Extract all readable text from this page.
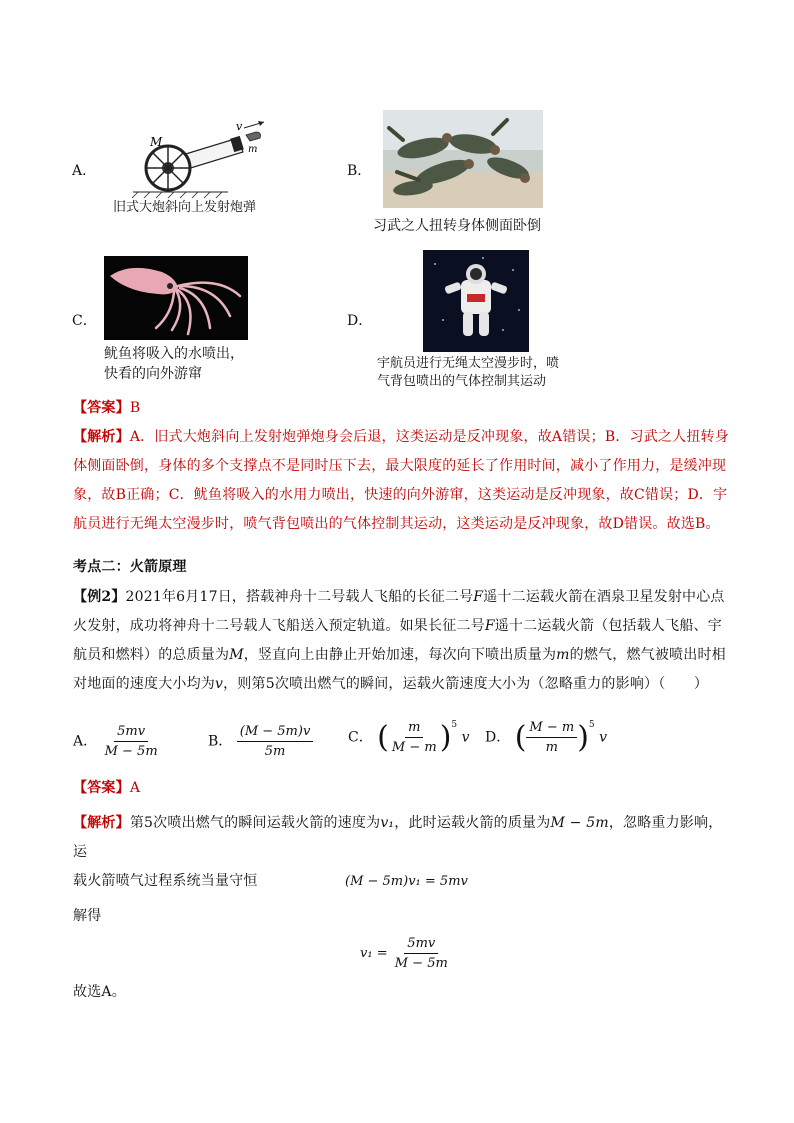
A．
M
v
m
旧式大炮斜向上发射炮弹
B．
习武之人扭转身体侧面卧倒
C．
鱿鱼将吸入的水喷出，
快看的向外游窜
D．
宇航员进行无绳太空漫步时，喷
气背包喷出的气体控制其运动
【答案】B
【解析】A．旧式大炮斜向上发射炮弹炮身会后退，这类运动是反冲现象，故A错误；B．习武之人扭转身
体侧面卧倒，身体的多个支撑点不是同时压下去，最大限度的延长了作用时间，减小了作用力，是缓冲现
象，故B正确；C．鱿鱼将吸入的水用力喷出，快速的向外游窜，这类运动是反冲现象，故C错误；D．宇
航员进行无绳太空漫步时，喷气背包喷出的气体控制其运动，这类运动是反冲现象，故D错误。故选B。
考点二：火箭原理
【例2】2021年6月17日，搭载神舟十二号载人飞船的长征二号F遥十二运载火箭在酒泉卫星发射中心点
火发射，成功将神舟十二号载人飞船送入预定轨道。如果长征二号F遥十二运载火箭（包括载人飞船、宇
航员和燃料）的总质量为M，竖直向上由静止开始加速，每次向下喷出质量为m的燃气，燃气被喷出时相
对地面的速度大小均为v，则第5次喷出燃气的瞬间，运载火箭速度大小为（忽略重力的影响）（　　）
A． $\frac{5mv}{M - 5m}$	B． $\frac{(M - 5m)v}{5m}$ C． ( $\frac{m}{M - m} )^5$ v D． ( $\frac{M - m}{m} )^5$ v
【答案】A
【解析】第5次喷出燃气的瞬间运载火箭的速度为v₁，此时运载火箭的质量为M − 5m，忽略重力影响，运
载火箭喷气过程系统当量守恒	(M − 5m)v₁ = 5mv
解得
$v_1 = \frac{5mv}{M - 5m}$
故选A。
